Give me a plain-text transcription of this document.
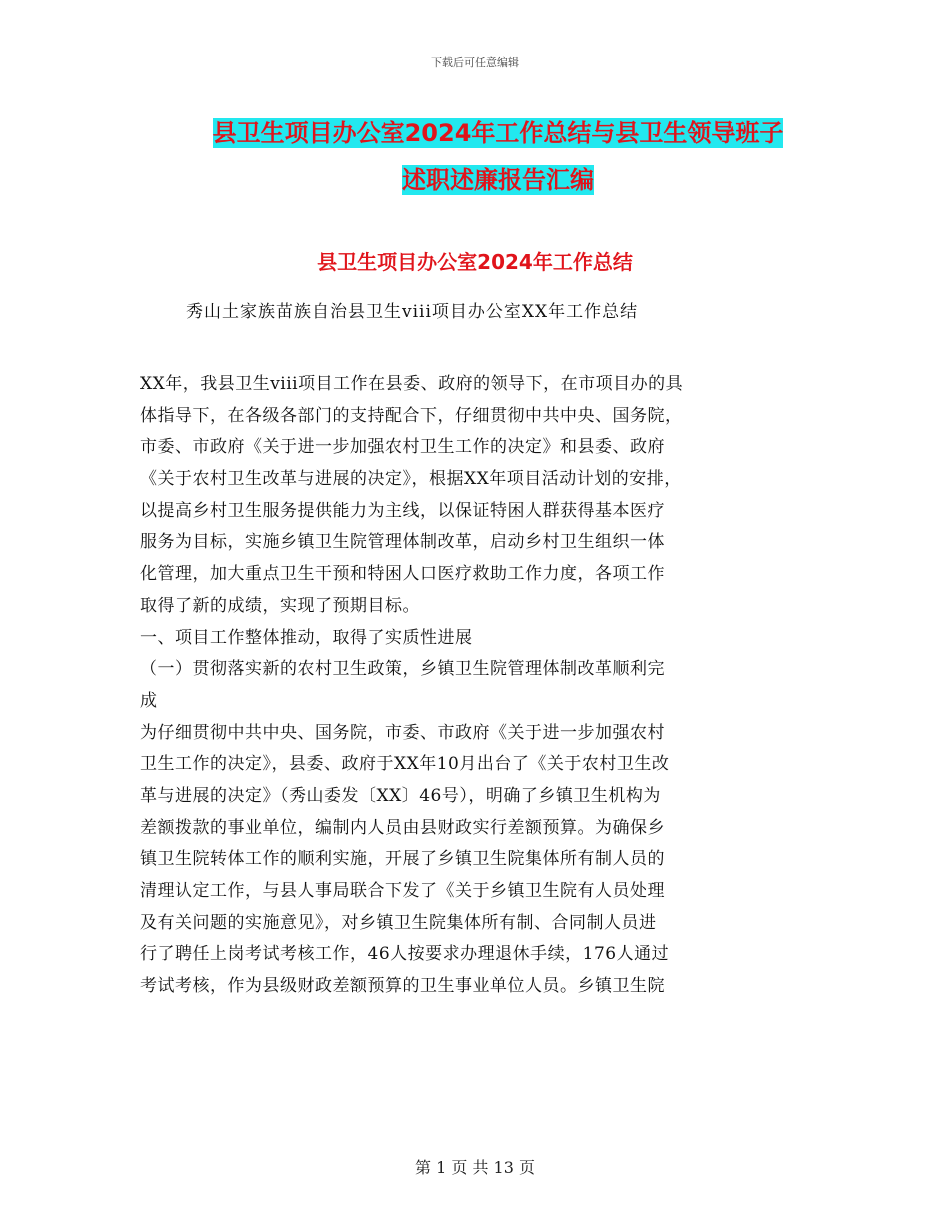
下载后可任意编辑
县卫生项目办公室2024年工作总结与县卫生领导班子
述职述廉报告汇编
县卫生项目办公室2024年工作总结
秀山土家族苗族自治县卫生viii项目办公室XX年工作总结
XX年，我县卫生viii项目工作在县委、政府的领导下，在市项目办的具
体指导下，在各级各部门的支持配合下，仔细贯彻中共中央、国务院，
市委、市政府《关于进一步加强农村卫生工作的决定》和县委、政府
《关于农村卫生改革与进展的决定》，根据XX年项目活动计划的安排，
以提高乡村卫生服务提供能力为主线，以保证特困人群获得基本医疗
服务为目标，实施乡镇卫生院管理体制改革，启动乡村卫生组织一体
化管理，加大重点卫生干预和特困人口医疗救助工作力度，各项工作
取得了新的成绩，实现了预期目标。
一、项目工作整体推动，取得了实质性进展
（一）贯彻落实新的农村卫生政策，乡镇卫生院管理体制改革顺利完
成
为仔细贯彻中共中央、国务院，市委、市政府《关于进一步加强农村
卫生工作的决定》，县委、政府于XX年10月出台了《关于农村卫生改
革与进展的决定》（秀山委发〔XX〕46号），明确了乡镇卫生机构为
差额拨款的事业单位，编制内人员由县财政实行差额预算。为确保乡
镇卫生院转体工作的顺利实施，开展了乡镇卫生院集体所有制人员的
清理认定工作，与县人事局联合下发了《关于乡镇卫生院有人员处理
及有关问题的实施意见》，对乡镇卫生院集体所有制、合同制人员进
行了聘任上岗考试考核工作，46人按要求办理退休手续，176人通过
考试考核，作为县级财政差额预算的卫生事业单位人员。乡镇卫生院
第 1 页 共 13 页
